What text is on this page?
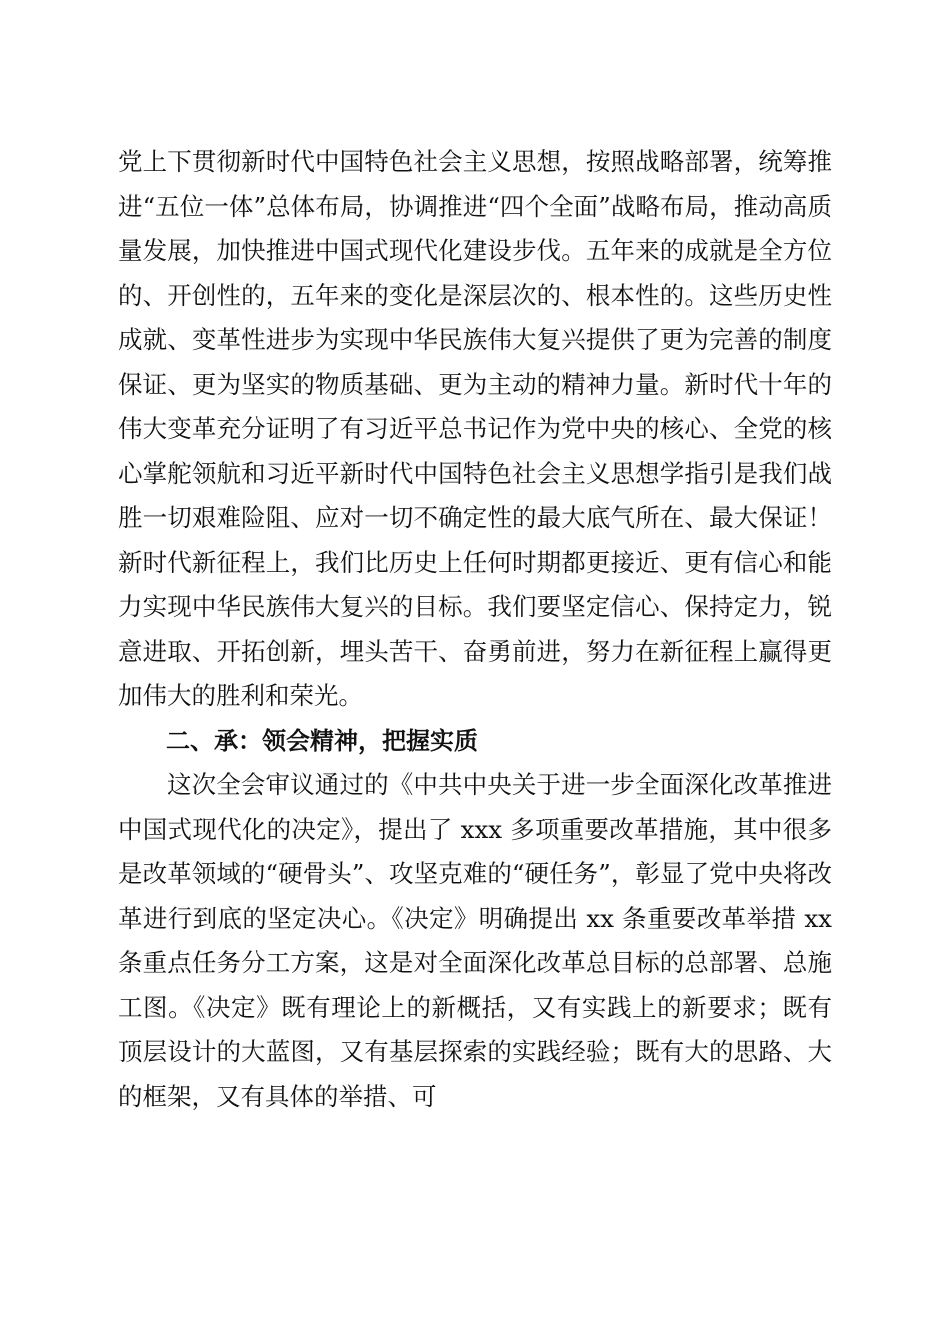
党上下贯彻新时代中国特色社会主义思想，按照战略部署，统筹推进“五位一体”总体布局，协调推进“四个全面”战略布局，推动高质量发展，加快推进中国式现代化建设步伐。五年来的成就是全方位的、开创性的，五年来的变化是深层次的、根本性的。这些历史性成就、变革性进步为实现中华民族伟大复兴提供了更为完善的制度保证、更为坚实的物质基础、更为主动的精神力量。新时代十年的伟大变革充分证明了有习近平总书记作为党中央的核心、全党的核心掌舵领航和习近平新时代中国特色社会主义思想学指引是我们战胜一切艰难险阻、应对一切不确定性的最大底气所在、最大保证！新时代新征程上，我们比历史上任何时期都更接近、更有信心和能力实现中华民族伟大复兴的目标。我们要坚定信心、保持定力，锐意进取、开拓创新，埋头苦干、奋勇前进，努力在新征程上赢得更加伟大的胜利和荣光。

二、承：领会精神，把握实质

这次全会审议通过的《中共中央关于进一步全面深化改革推进中国式现代化的决定》，提出了 xxx 多项重要改革措施，其中很多是改革领域的“硬骨头”、攻坚克难的“硬任务”，彰显了党中央将改革进行到底的坚定决心。《决定》明确提出 xx 条重要改革举措 xx 条重点任务分工方案，这是对全面深化改革总目标的总部署、总施工图。《决定》既有理论上的新概括，又有实践上的新要求；既有顶层设计的大蓝图，又有基层探索的实践经验；既有大的思路、大的框架，又有具体的举措、可
